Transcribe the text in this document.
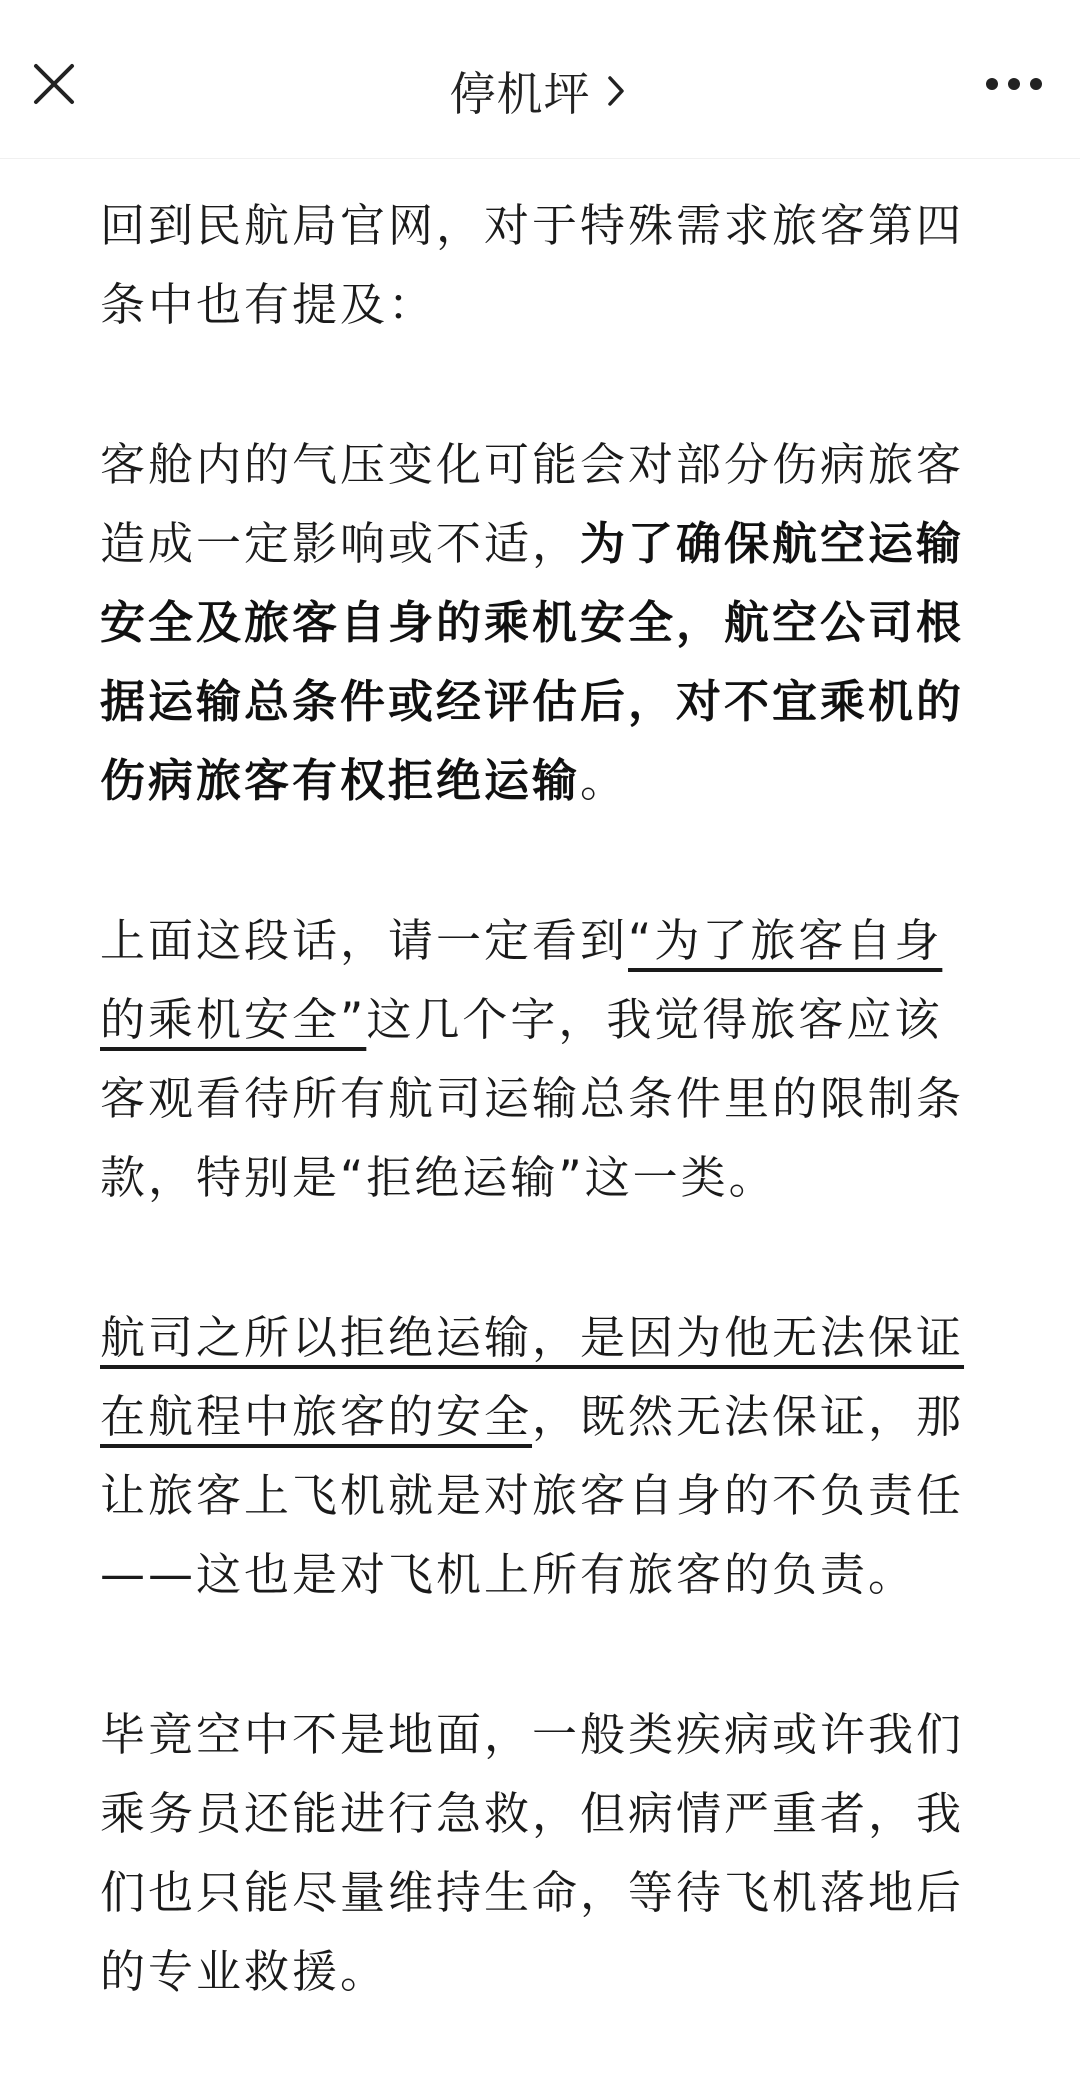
停机坪

回到民航局官网，对于特殊需求旅客第四条中也有提及：

客舱内的气压变化可能会对部分伤病旅客造成一定影响或不适，为了确保航空运输安全及旅客自身的乘机安全，航空公司根据运输总条件或经评估后，对不宜乘机的伤病旅客有权拒绝运输。

上面这段话，请一定看到“为了旅客自身的乘机安全”这几个字，我觉得旅客应该客观看待所有航司运输总条件里的限制条款，特别是“拒绝运输”这一类。

航司之所以拒绝运输，是因为他无法保证在航程中旅客的安全，既然无法保证，那让旅客上飞机就是对旅客自身的不负责任——这也是对飞机上所有旅客的负责。

毕竟空中不是地面，一般类疾病或许我们乘务员还能进行急救，但病情严重者，我们也只能尽量维持生命，等待飞机落地后的专业救援。
